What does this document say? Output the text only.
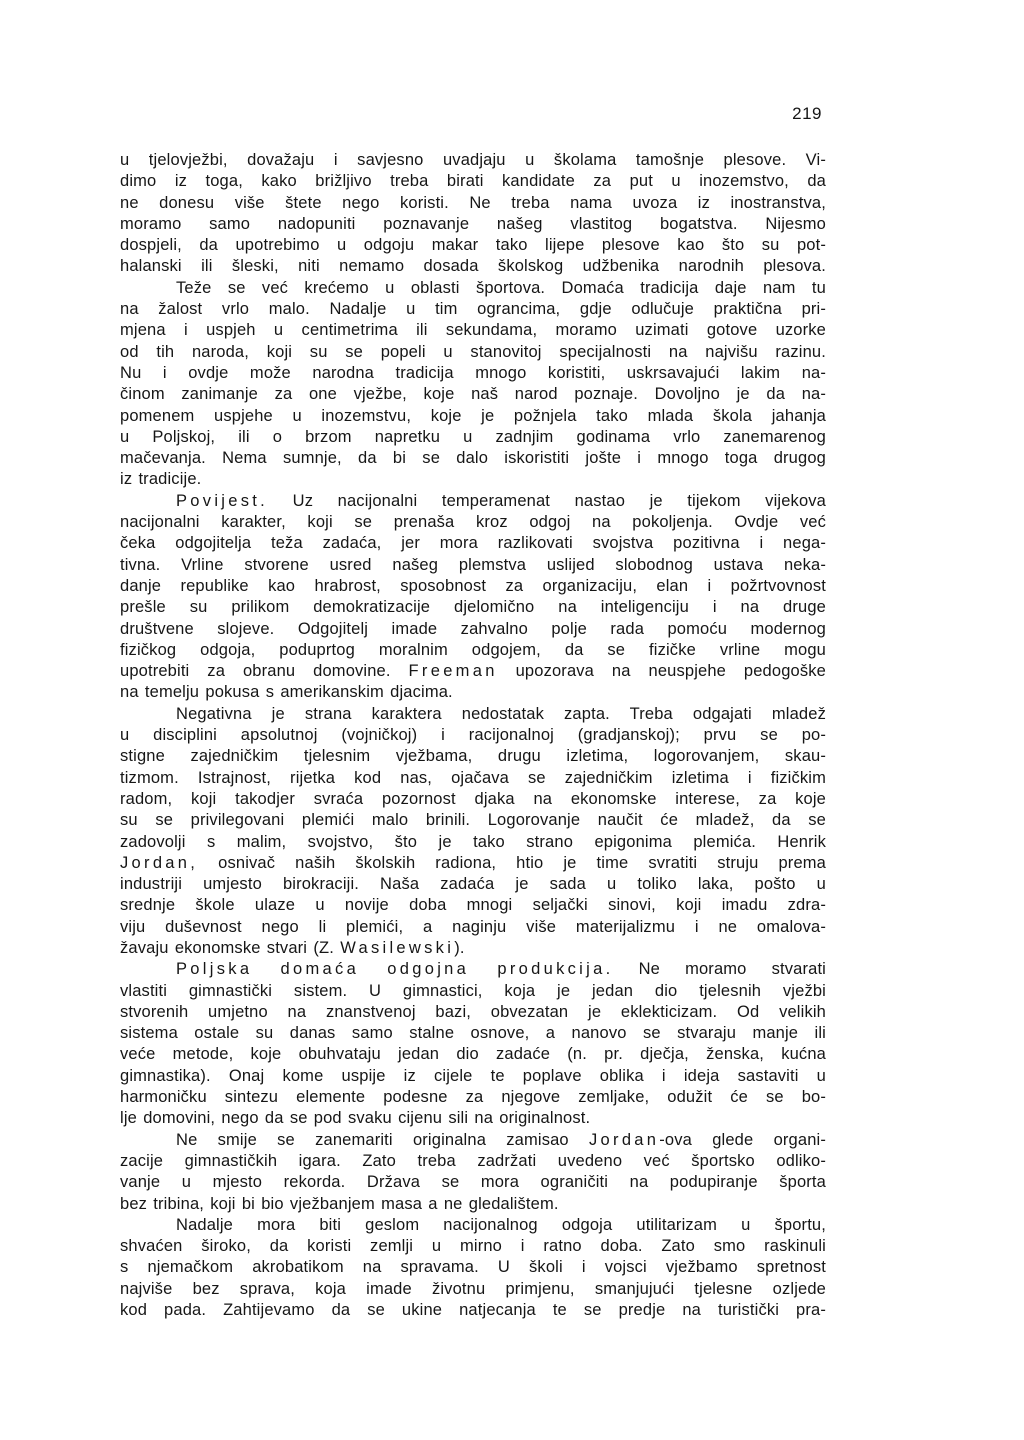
219
u tjelovježbi, dovažaju i savjesno uvadjaju u školama tamošnje plesove. Vi-
dimo iz toga, kako brižljivo treba birati kandidate za put u inozemstvo, da
ne donesu više štete nego koristi. Ne treba nama uvoza iz inostranstva,
moramo samo nadopuniti poznavanje našeg vlastitog bogatstva. Nijesmo
dospjeli, da upotrebimo u odgoju makar tako lijepe plesove kao što su pot-
halanski ili šleski, niti nemamo dosada školskog udžbenika narodnih plesova.
Teže se već krećemo u oblasti športova. Domaća tradicija daje nam tu
na žalost vrlo malo. Nadalje u tim ograncima, gdje odlučuje praktična pri-
mjena i uspjeh u centimetrima ili sekundama, moramo uzimati gotove uzorke
od tih naroda, koji su se popeli u stanovitoj specijalnosti na najvišu razinu.
Nu i ovdje može narodna tradicija mnogo koristiti, uskrsavajući lakim na-
činom zanimanje za one vježbe, koje naš narod poznaje. Dovoljno je da na-
pomenem uspjehe u inozemstvu, koje je požnjela tako mlada škola jahanja
u Poljskoj, ili o brzom napretku u zadnjim godinama vrlo zanemarenog
mačevanja. Nema sumnje, da bi se dalo iskoristiti jošte i mnogo toga drugog
iz tradicije.
Povijest. Uz nacijonalni temperamenat nastao je tijekom vijekova
nacijonalni karakter, koji se prenaša kroz odgoj na pokoljenja. Ovdje već
čeka odgojitelja teža zadaća, jer mora razlikovati svojstva pozitivna i nega-
tivna. Vrline stvorene usred našeg plemstva uslijed slobodnog ustava neka-
danje republike kao hrabrost, sposobnost za organizaciju, elan i požrtvovnost
prešle su prilikom demokratizacije djelomično na inteligenciju i na druge
društvene slojeve. Odgojitelj imade zahvalno polje rada pomoću modernog
fizičkog odgoja, poduprtog moralnim odgojem, da se fizičke vrline mogu
upotrebiti za obranu domovine. Freeman upozorava na neuspjehe pedogoške
na temelju pokusa s amerikanskim djacima.
Negativna je strana karaktera nedostatak zapta. Treba odgajati mladež
u disciplini apsolutnoj (vojničkoj) i racijonalnoj (gradjanskoj); prvu se po-
stigne zajedničkim tjelesnim vježbama, drugu izletima, logorovanjem, skau-
tizmom. Istrajnost, rijetka kod nas, ojačava se zajedničkim izletima i fizičkim
radom, koji takodjer svraća pozornost djaka na ekonomske interese, za koje
su se privilegovani plemići malo brinili. Logorovanje naučit će mladež, da se
zadovolji s malim, svojstvo, što je tako strano epigonima plemića. Henrik
Jordan, osnivač naših školskih radiona, htio je time svratiti struju prema
industriji umjesto birokraciji. Naša zadaća je sada u toliko laka, pošto u
srednje škole ulaze u novije doba mnogi seljački sinovi, koji imadu zdra-
viju duševnost nego li plemići, a naginju više materijalizmu i ne omalova-
žavaju ekonomske stvari (Z. Wasilewski).
Poljska domaća odgojna produkcija. Ne moramo stvarati
vlastiti gimnastički sistem. U gimnastici, koja je jedan dio tjelesnih vježbi
stvorenih umjetno na znanstvenoj bazi, obvezatan je eklekticizam. Od velikih
sistema ostale su danas samo stalne osnove, a nanovo se stvaraju manje ili
veće metode, koje obuhvataju jedan dio zadaće (n. pr. dječja, ženska, kućna
gimnastika). Onaj kome uspije iz cijele te poplave oblika i ideja sastaviti u
harmoničku sintezu elemente podesne za njegove zemljake, odužit će se bo-
lje domovini, nego da se pod svaku cijenu sili na originalnost.
Ne smije se zanemariti originalna zamisao Jordan-ova glede organi-
zacije gimnastičkih igara. Zato treba zadržati uvedeno već športsko odliko-
vanje u mjesto rekorda. Država se mora ograničiti na podupiranje športa
bez tribina, koji bi bio vježbanjem masa a ne gledalištem.
Nadalje mora biti geslom nacijonalnog odgoja utilitarizam u športu,
shvaćen široko, da koristi zemlji u mirno i ratno doba. Zato smo raskinuli
s njemačkom akrobatikom na spravama. U školi i vojsci vježbamo spretnost
najviše bez sprava, koja imade životnu primjenu, smanjujući tjelesne ozljede
kod pada. Zahtijevamo da se ukine natjecanja te se predje na turistički pra-
